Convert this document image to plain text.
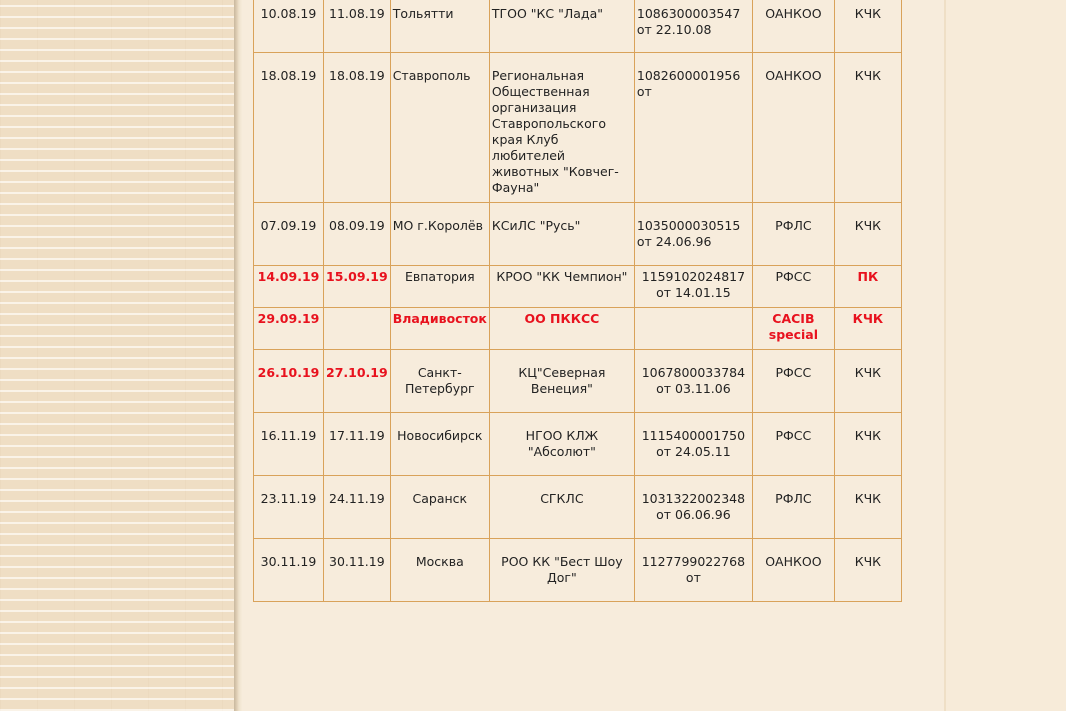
10.08.19	11.08.19	Тольятти	ТГОО "КС "Лада"	1086300003547 от 22.10.08	ОАНКОО	КЧК
18.08.19	18.08.19	Ставрополь	Региональная Общественная организация Ставропольского края Клуб любителей животных "Ковчег-Фауна"	1082600001956 от	ОАНКОО	КЧК
07.09.19	08.09.19	МО г.Королёв	КСиЛС "Русь"	1035000030515 от 24.06.96	РФЛС	КЧК
14.09.19	15.09.19	Евпатория	КРОО "КК Чемпион"	1159102024817 от 14.01.15	РФСС	ПК
29.09.19		Владивосток	ОО ПККСС		CACIB special	КЧК
26.10.19	27.10.19	Санкт-Петербург	КЦ"Северная Венеция"	1067800033784 от 03.11.06	РФСС	КЧК
16.11.19	17.11.19	Новосибирск	НГОО КЛЖ "Абсолют"	1115400001750 от 24.05.11	РФСС	КЧК
23.11.19	24.11.19	Саранск	СГКЛС	1031322002348 от 06.06.96	РФЛС	КЧК
30.11.19	30.11.19	Москва	РОО КК "Бест Шоу Дог"	1127799022768 от	ОАНКОО	КЧК
